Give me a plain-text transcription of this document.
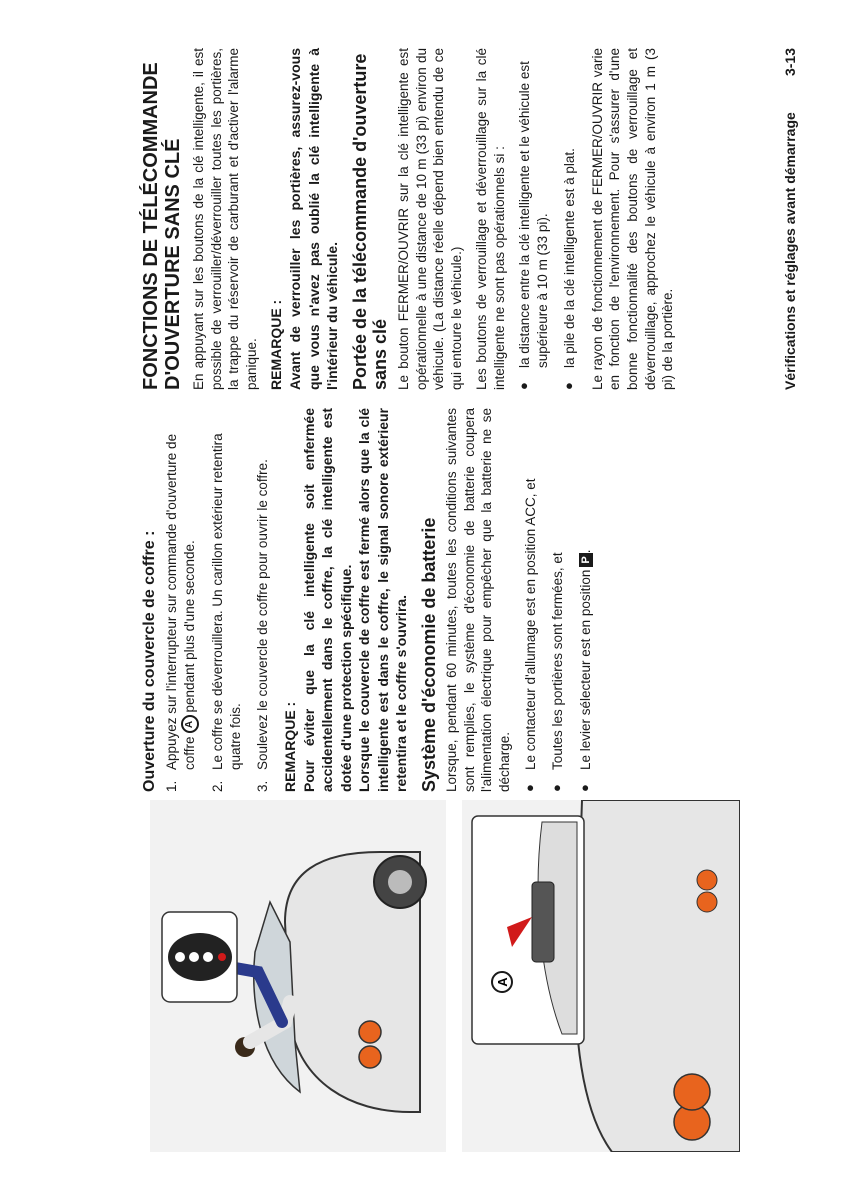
A
Ouverture du couvercle de coffre : 1.
Appuyez sur l'interrupteur sur commande d'ouverture de coffreApendant plus d'une seconde.
2.
Le coffre se déverrouillera. Un carillon extérieur retentira quatre fois.
3.
Soulevez le couvercle de coffre pour ouvrir le coffre. REMARQUE : Pour éviter que la clé intelligente soit enfermée accidentellement dans le coffre, la clé intelligente est dotée d'une protection spécifique. Lorsque le couvercle de coffre est fermé alors que la clé intelligente est dans le coffre, le signal sonore extérieur retentira et le coffre s'ouvrira. Système d'économie de batterie Lorsque, pendant 60 minutes, toutes les conditions suivantes sont remplies, le système d'économie de batterie coupera l'alimentation électrique pour empêcher que la batterie ne se décharge. ●
Le contacteur d'allumage est en position ACC, et
●
Toutes les portières sont fermées, et
●
Le levier sélecteur est en positionP.
FONCTIONS DE TÉLÉCOMMANDE D'OUVERTURE SANS CLÉ En appuyant sur les boutons de la clé intelligente, il est possible de verrouiller/déverrouiller toutes les portières, la trappe du réservoir de carburant et d'activer l'alarme panique. REMARQUE : Avant de verrouiller les portières, assurez-vous que vous n'avez pas oublié la clé intelligente à l'intérieur du véhicule. Portée de la télécommande d'ouverture sans clé Le bouton FERMER/OUVRIR sur la clé intelligente est opérationnelle à une distance de 10 m (33 pi) environ du véhicule. (La distance réelle dépend bien entendu de ce qui entoure le véhicule.) Les boutons de verrouillage et déverrouillage sur la clé intelligente ne sont pas opérationnels si : ●
la distance entre la clé intelligente et le véhicule est supérieure à 10 m (33 pi).
●
la pile de la clé intelligente est à plat. Le rayon de fonctionnement de FERMER/OUVRIR varie en fonction de l'environnement. Pour s'assurer d'une bonne fonctionnalité des boutons de verrouillage et déverrouillage, approchez le véhicule à environ 1 m (3 pi) de la portière.	Vérifications et réglages avant démarrage
3-13
